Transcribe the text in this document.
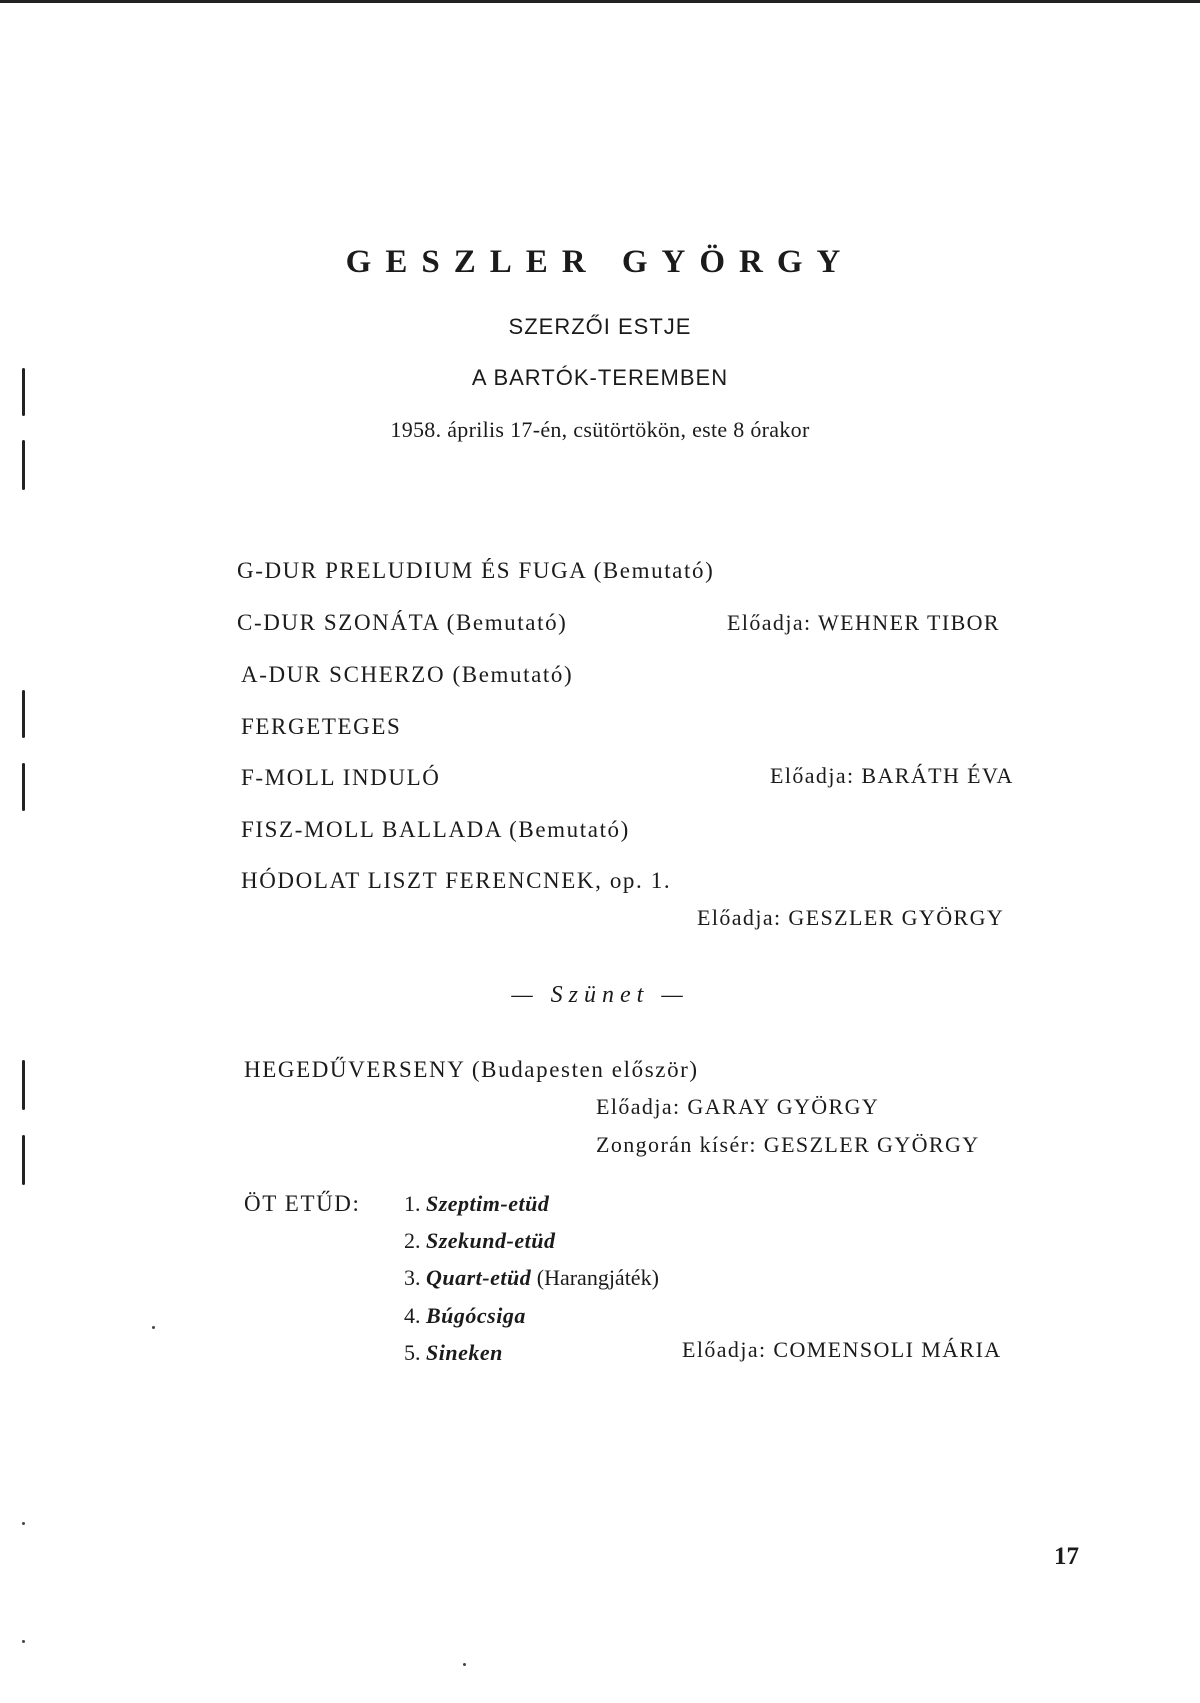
GESZLER GYÖRGY
SZERZŐI ESTJE
A BARTÓK-TEREMBEN
1958. április 17-én, csütörtökön, este 8 órakor
G-DUR PRELUDIUM ÉS FUGA (Bemutató)
C-DUR SZONÁTA (Bemutató)	Előadja: WEHNER TIBOR
A-DUR SCHERZO (Bemutató)
FERGETEGES
F-MOLL INDULÓ	Előadja: BARÁTH ÉVA
FISZ-MOLL BALLADA (Bemutató)
HÓDOLAT LISZT FERENCNEK, op. 1.
Előadja: GESZLER GYÖRGY
— Szünet —
HEGEDŰVERSENY (Budapesten először)
Előadja: GARAY GYÖRGY
Zongorán kísér: GESZLER GYÖRGY
ÖT ETŰD: 1. Szeptim-etüd
2. Szekund-etüd
3. Quart-etüd (Harangjáték)
4. Búgócsiga
5. Sineken	Előadja: COMENSOLI MÁRIA
17
